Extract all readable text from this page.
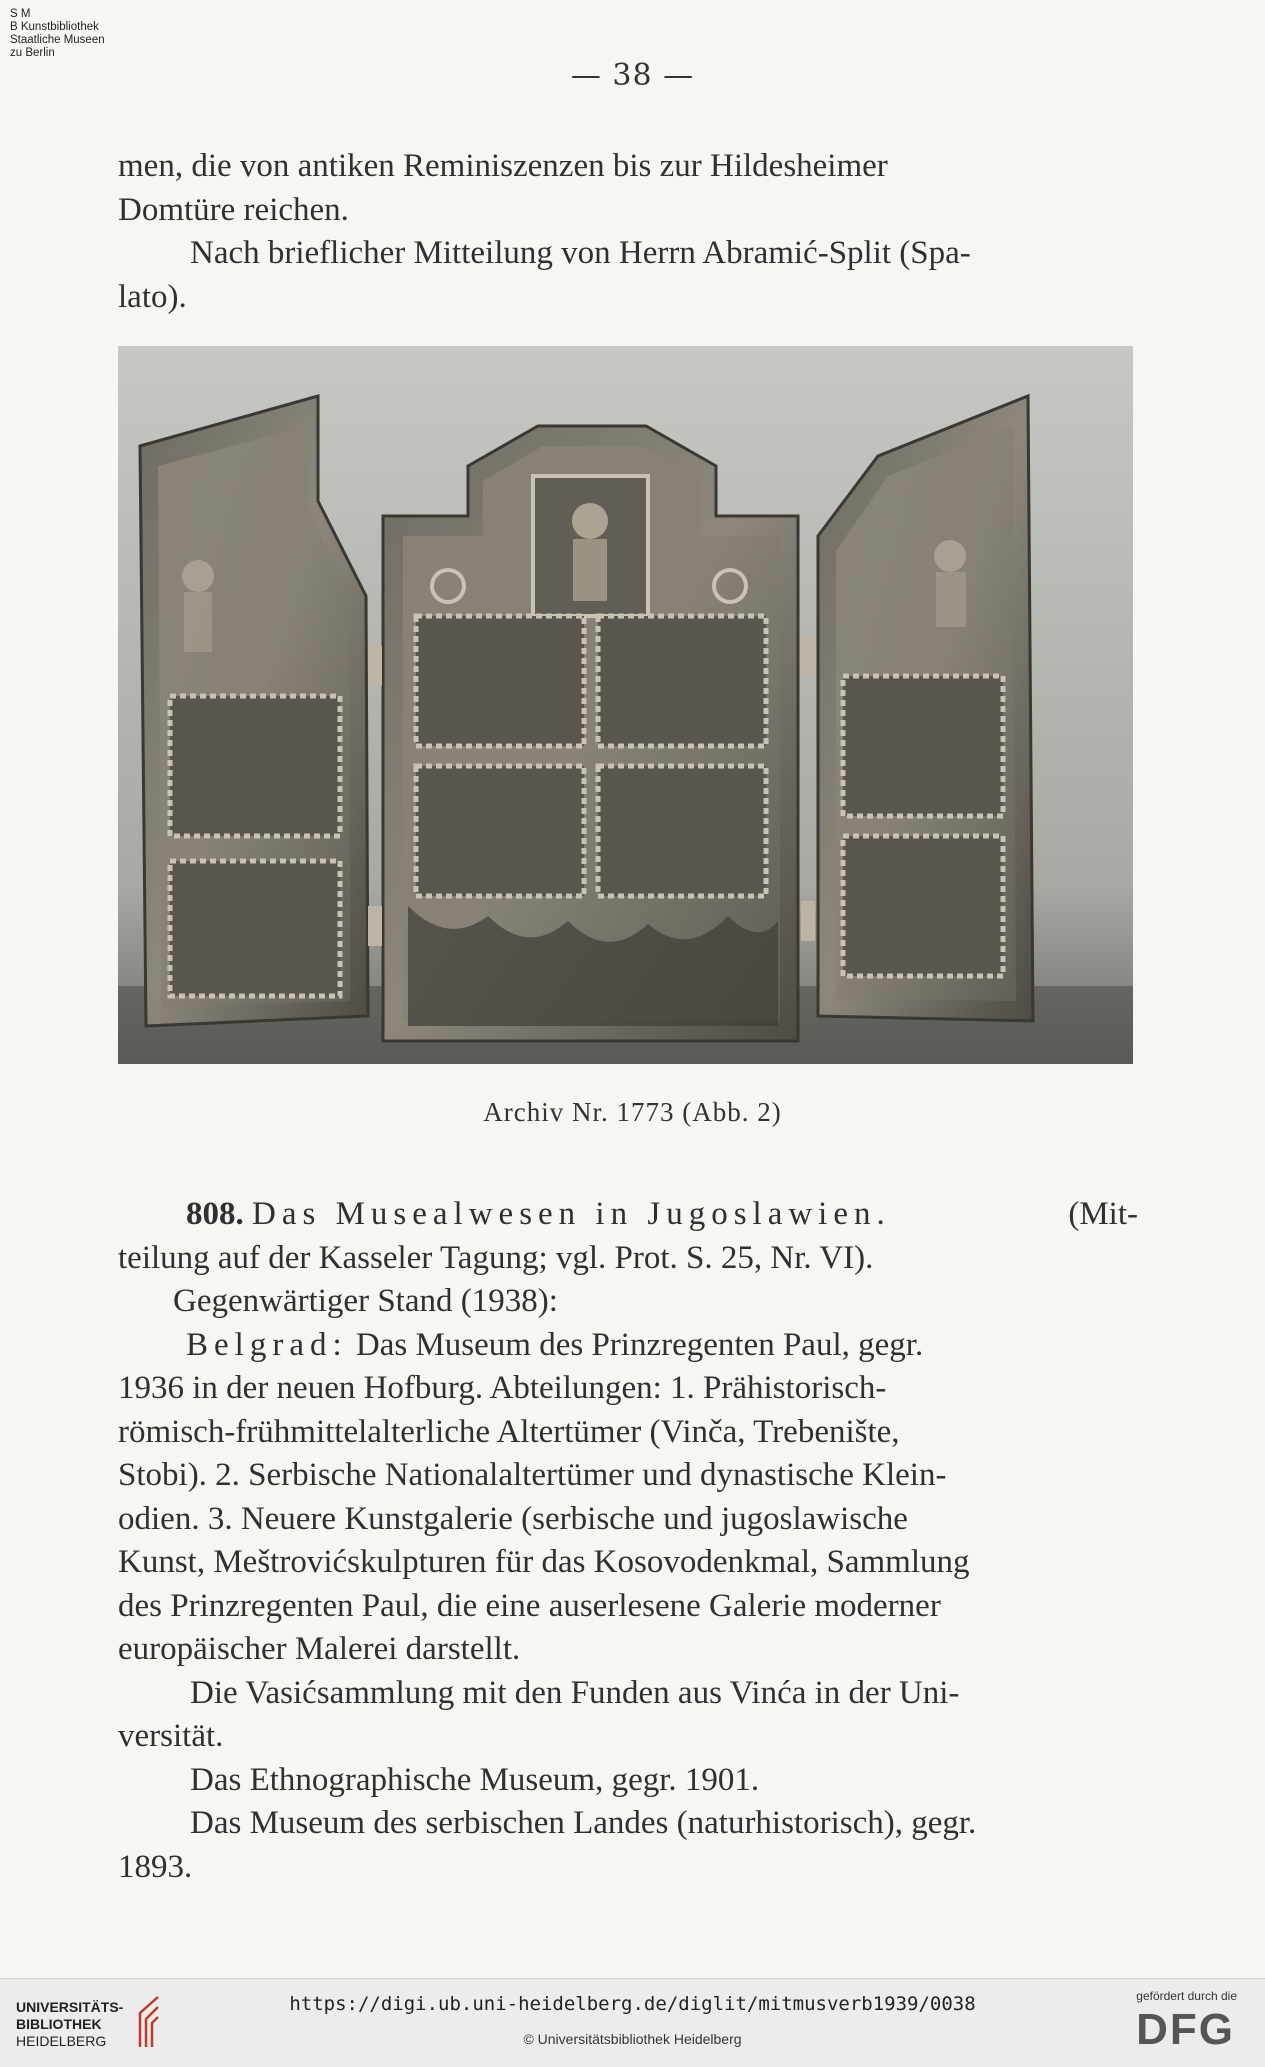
S M
B Kunstbibliothek
Staatliche Museen
zu Berlin
— 38 —
men, die von antiken Reminiszenzen bis zur Hildesheimer
Domtüre reichen.
Nach brieflicher Mitteilung von Herrn Abramić-Split (Spa-
lato).
Archiv Nr. 1773 (Abb. 2)
808. Das Musealwesen in Jugoslawien.	(Mit-
teilung auf der Kasseler Tagung; vgl. Prot. S. 25, Nr. VI).
Gegenwärtiger Stand (1938):
Belgrad: Das Museum des Prinzregenten Paul, gegr.
1936 in der neuen Hofburg. Abteilungen: 1. Prähistorisch-
römisch-frühmittelalterliche Altertümer (Vinča, Trebenište,
Stobi). 2. Serbische Nationalaltertümer und dynastische Klein-
odien. 3. Neuere Kunstgalerie (serbische und jugoslawische
Kunst, Meštrovićskulpturen für das Kosovodenkmal, Sammlung
des Prinzregenten Paul, die eine auserlesene Galerie moderner
europäischer Malerei darstellt.
Die Vasićsammlung mit den Funden aus Vinća in der Uni-
versität.
Das Ethnographische Museum, gegr. 1901.
Das Museum des serbischen Landes (naturhistorisch), gegr.
1893.
UNIVERSITÄTS-
BIBLIOTHEK
HEIDELBERG
https://digi.ub.uni-heidelberg.de/diglit/mitmusverb1939/0038
© Universitätsbibliothek Heidelberg
gefördert durch die
DFG
